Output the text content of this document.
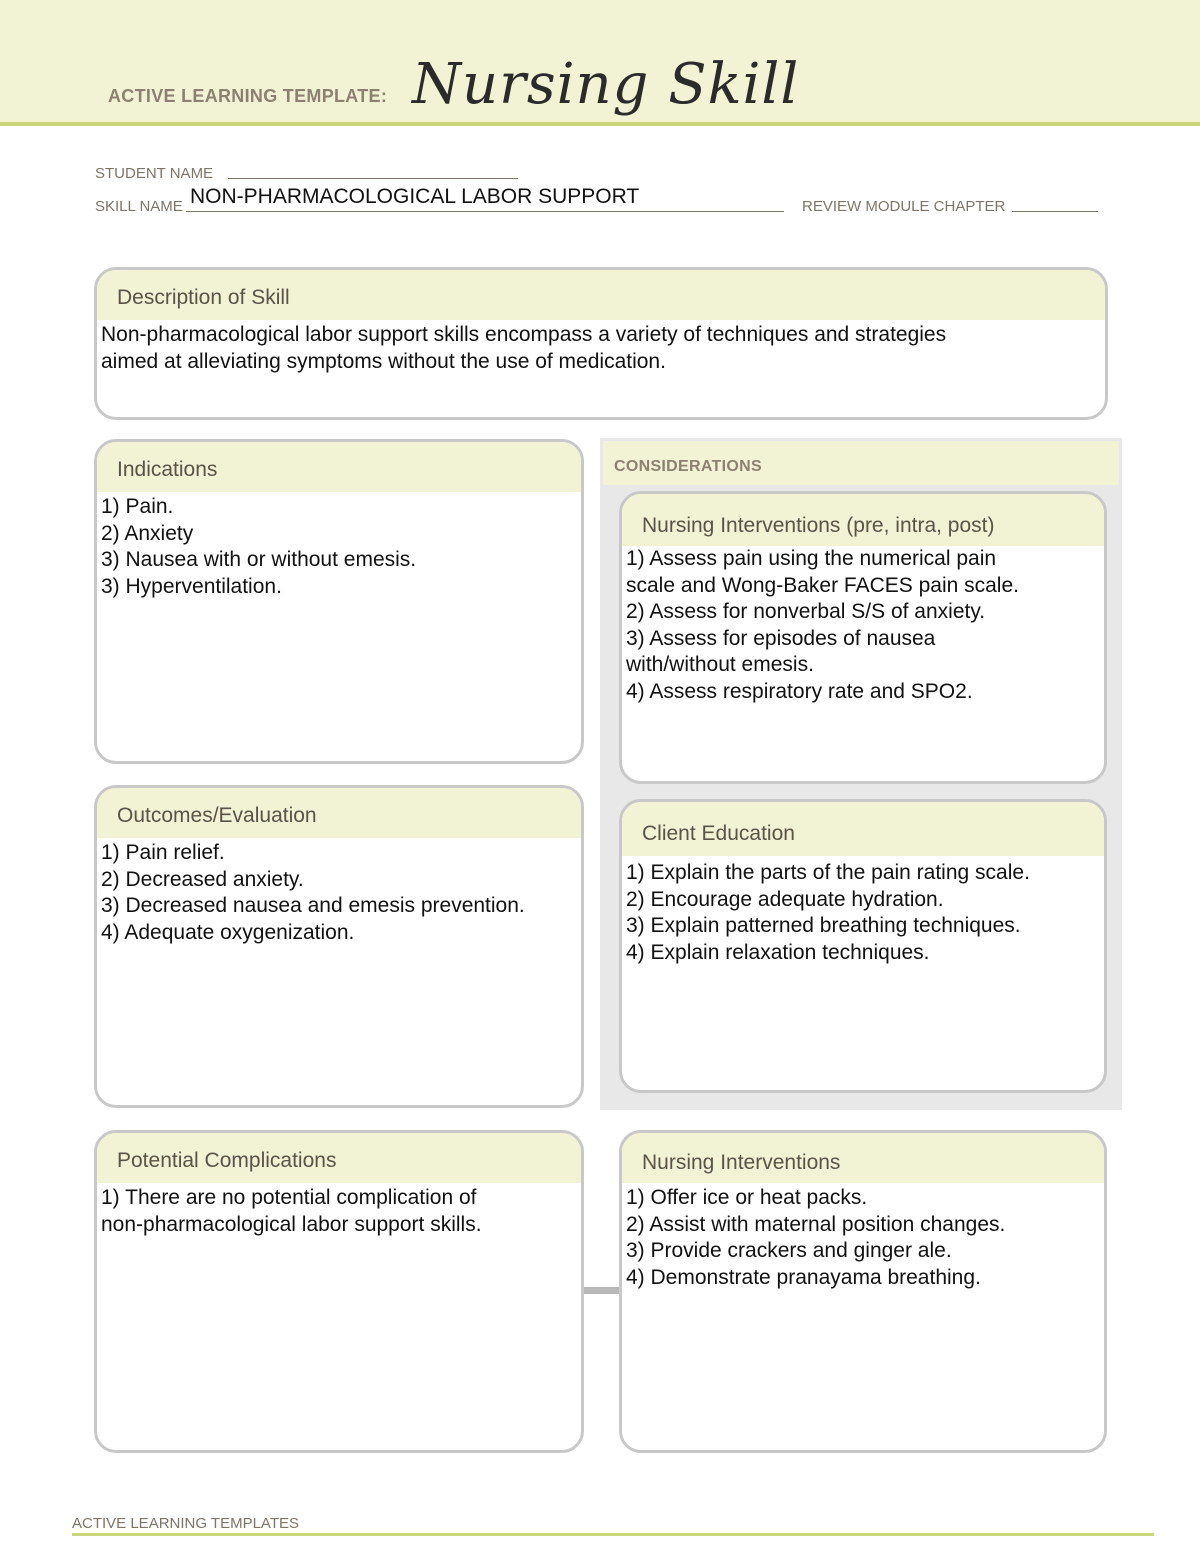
ACTIVE LEARNING TEMPLATE: Nursing Skill
STUDENT NAME
SKILL NAME NON-PHARMACOLOGICAL LABOR SUPPORT	REVIEW MODULE CHAPTER
Description of Skill
Non-pharmacological labor support skills encompass a variety of techniques and strategies
aimed at alleviating symptoms without the use of medication.
CONSIDERATIONS
Indications
1) Pain.
2) Anxiety
3) Nausea with or without emesis.
3) Hyperventilation.
Nursing Interventions (pre, intra, post)
1) Assess pain using the numerical pain
scale and Wong-Baker FACES pain scale.
2) Assess for nonverbal S/S of anxiety.
3) Assess for episodes of nausea
with/without emesis.
4) Assess respiratory rate and SPO2.
Outcomes/Evaluation
1) Pain relief.
2) Decreased anxiety.
3) Decreased nausea and emesis prevention.
4) Adequate oxygenization.
Client Education
1) Explain the parts of the pain rating scale.
2) Encourage adequate hydration.
3) Explain patterned breathing techniques.
4) Explain relaxation techniques.
Potential Complications
1) There are no potential complication of
non-pharmacological labor support skills.
Nursing Interventions
1) Offer ice or heat packs.
2) Assist with maternal position changes.
3) Provide crackers and ginger ale.
4) Demonstrate pranayama breathing.
ACTIVE LEARNING TEMPLATES
